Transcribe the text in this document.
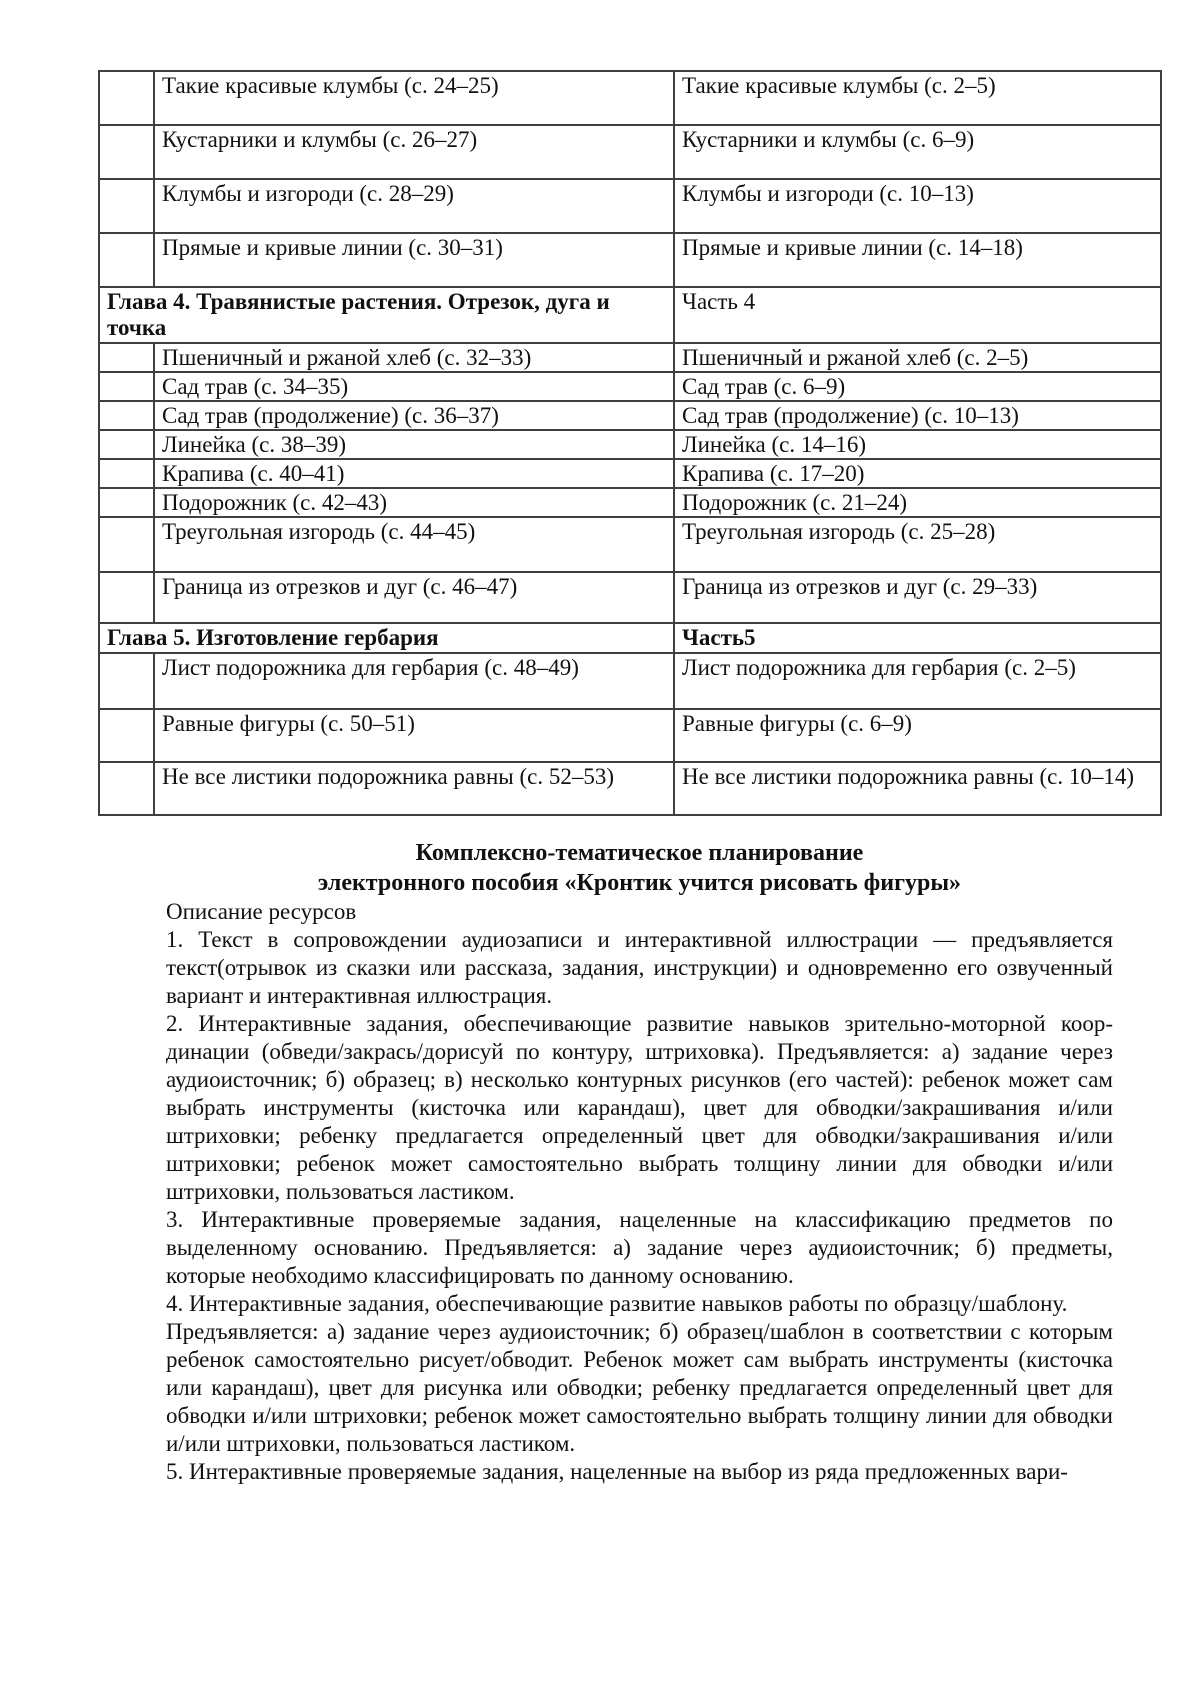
	Такие красивые клумбы (с. 24–25)	Такие красивые клумбы (с. 2–5)
	Кустарники и клумбы (с. 26–27)	Кустарники и клумбы (с. 6–9)
	Клумбы и изгороди (с. 28–29)	Клумбы и изгороди (с. 10–13)
	Прямые и кривые линии (с. 30–31)	Прямые и кривые линии (с. 14–18)
Глава 4. Травянистые растения. Отрезок, дуга и точка		Часть 4
	Пшеничный и ржаной хлеб (с. 32–33)	Пшеничный и ржаной хлеб (с. 2–5)
	Сад трав (с. 34–35)	Сад трав (с. 6–9)
	Сад трав (продолжение) (с. 36–37)	Сад трав (продолжение) (с. 10–13)
	Линейка (с. 38–39)	Линейка (с. 14–16)
	Крапива (с. 40–41)	Крапива (с. 17–20)
	Подорожник (с. 42–43)	Подорожник (с. 21–24)
	Треугольная изгородь (с. 44–45)	Треугольная изгородь (с. 25–28)
	Граница из отрезков и дуг (с. 46–47)	Граница из отрезков и дуг (с. 29–33)
Глава 5. Изготовление гербария		Часть5
	Лист подорожника для гербария (с. 48–49)	Лист подорожника для гербария (с. 2–5)
	Равные фигуры (с. 50–51)	Равные фигуры (с. 6–9)
	Не все листики подорожника равны (с. 52–53)	Не все листики подорожника равны (с. 10–14)
Комплексно-тематическое планирование
электронного пособия «Кронтик учится рисовать фигуры»

Описание ресурсов

1. Текст в сопровождении аудиозаписи и интерактивной иллюстрации — предъявляется текст(отрывок из сказки или рассказа, задания, инструкции) и одновременно его озвученный вариант и интерактивная иллюстрация.

2. Интерактивные задания, обеспечивающие развитие навыков зрительно-моторной коор-динации (обведи/⁠закрась/⁠дорисуй по контуру, штриховка). Предъявляется: а) задание через аудиоисточник; б) образец; в) несколько контурных рисунков (его частей): ребенок может сам выбрать инструменты (кисточка или карандаш), цвет для обводки/⁠закрашивания и/⁠или штриховки; ребенку предлагается определенный цвет для обводки/⁠закрашивания и/⁠или штриховки; ребенок может самостоятельно выбрать толщину линии для обводки и/⁠или штриховки, пользоваться ластиком.

3. Интерактивные проверяемые задания, нацеленные на классификацию предметов по выделенному основанию. Предъявляется: а) задание через аудиоисточник; б) предметы, которые необходимо классифицировать по данному основанию.

4. Интерактивные задания, обеспечивающие развитие навыков работы по образцу/⁠шаблону.

Предъявляется: а) задание через аудиоисточник; б) образец/⁠шаблон в соответствии с которым ребенок самостоятельно рисует/⁠обводит. Ребенок может сам выбрать инструменты (кисточка или карандаш), цвет для рисунка или обводки; ребенку предлагается определенный цвет для обводки и/⁠или штриховки; ребенок может самостоятельно выбрать толщину линии для обводки и/⁠или штриховки, пользоваться ластиком.

5. Интерактивные проверяемые задания, нацеленные на выбор из ряда предложенных вари-
